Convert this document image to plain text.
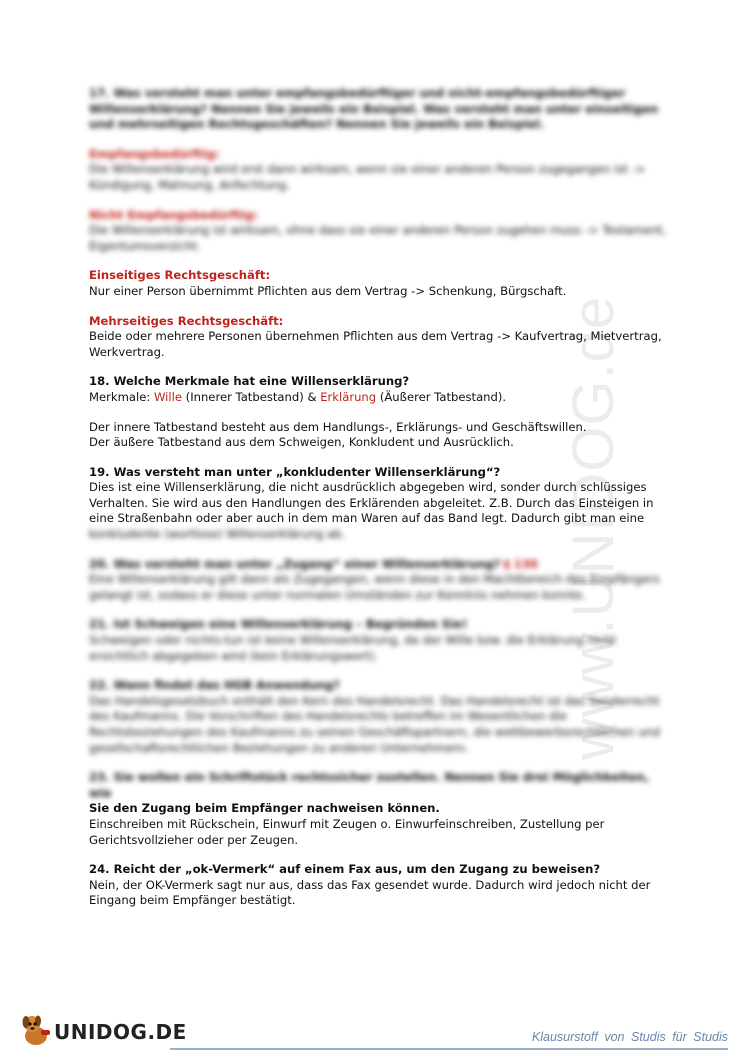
www.UNIDOG.de
17. Was versteht man unter empfangsbedürftiger und nicht-empfangsbedürftiger Willenserklärung? Nennen Sie jeweils ein Beispiel. Was versteht man unter einseitigen und mehrseitigen Rechtsgeschäften? Nennen Sie jeweils ein Beispiel.
Empfangsbedürftig:
Die Willenserklärung wird erst dann wirksam, wenn sie einer anderen Person zugegangen ist -> Kündigung, Mahnung, Anfechtung.
Nicht Empfangsbedürftig:
Die Willenserklärung ist wirksam, ohne dass sie einer anderen Person zugehen muss -> Testament, Eigentumsverzicht.
Einseitiges Rechtsgeschäft:
Nur einer Person übernimmt Pflichten aus dem Vertrag -> Schenkung, Bürgschaft.
Mehrseitiges Rechtsgeschäft:
Beide oder mehrere Personen übernehmen Pflichten aus dem Vertrag -> Kaufvertrag, Mietvertrag, Werkvertrag.
18. Welche Merkmale hat eine Willenserklärung?
Merkmale: Wille (Innerer Tatbestand) & Erklärung (Äußerer Tatbestand).
Der innere Tatbestand besteht aus dem Handlungs-, Erklärungs- und Geschäftswillen.
Der äußere Tatbestand aus dem Schweigen, Konkludent und Ausrücklich.
19. Was versteht man unter „konkludenter Willenserklärung“?
Dies ist eine Willenserklärung, die nicht ausdrücklich abgegeben wird, sonder durch schlüssiges Verhalten. Sie wird aus den Handlungen des Erklärenden abgeleitet. Z.B. Durch das Einsteigen in eine Straßenbahn oder aber auch in dem man Waren auf das Band legt. Dadurch gibt man eine
konkludente (wortlose) Willenserklärung ab.
20. Was versteht man unter „Zugang“ einer Willenserklärung? § 130
Eine Willenserklärung gilt dann als Zugegangen, wenn diese in den Machtbereich des Empfängers gelangt ist, sodass er diese unter normalen Umständen zur Kenntnis nehmen konnte.
21. Ist Schweigen eine Willenserklärung – Begründen Sie!
Schweigen oder nichts-tun ist keine Willenserklärung, da der Wille bzw. die Erklärung nicht ersichtlich abgegeben wird (kein Erklärungswert).
22. Wann findet das HGB Anwendung?
Das Handelsgesetzbuch enthält den Kern des Handelsrecht. Das Handelsrecht ist das Sonderrecht des Kaufmanns. Die Vorschriften des Handelsrechts betreffen im Wesentlichen die Rechtsbeziehungen des Kaufmanns zu seinen Geschäftspartnern, die wettbewerbsrechtlichen und gesellschaftsrechtlichen Beziehungen zu anderen Unternehmern.
23. Sie wollen ein Schriftstück rechtssicher zustellen. Nennen Sie drei Möglichkeiten, wie
Sie den Zugang beim Empfänger nachweisen können.
Einschreiben mit Rückschein, Einwurf mit Zeugen o. Einwurfeinschreiben, Zustellung per Gerichtsvollzieher oder per Zeugen.
24. Reicht der „ok-Vermerk“ auf einem Fax aus, um den Zugang zu beweisen?
Nein, der OK-Vermerk sagt nur aus, dass das Fax gesendet wurde. Dadurch wird jedoch nicht der Eingang beim Empfänger bestätigt.
UNIDOG.DE	Klausurstoff von Studis für Studis
